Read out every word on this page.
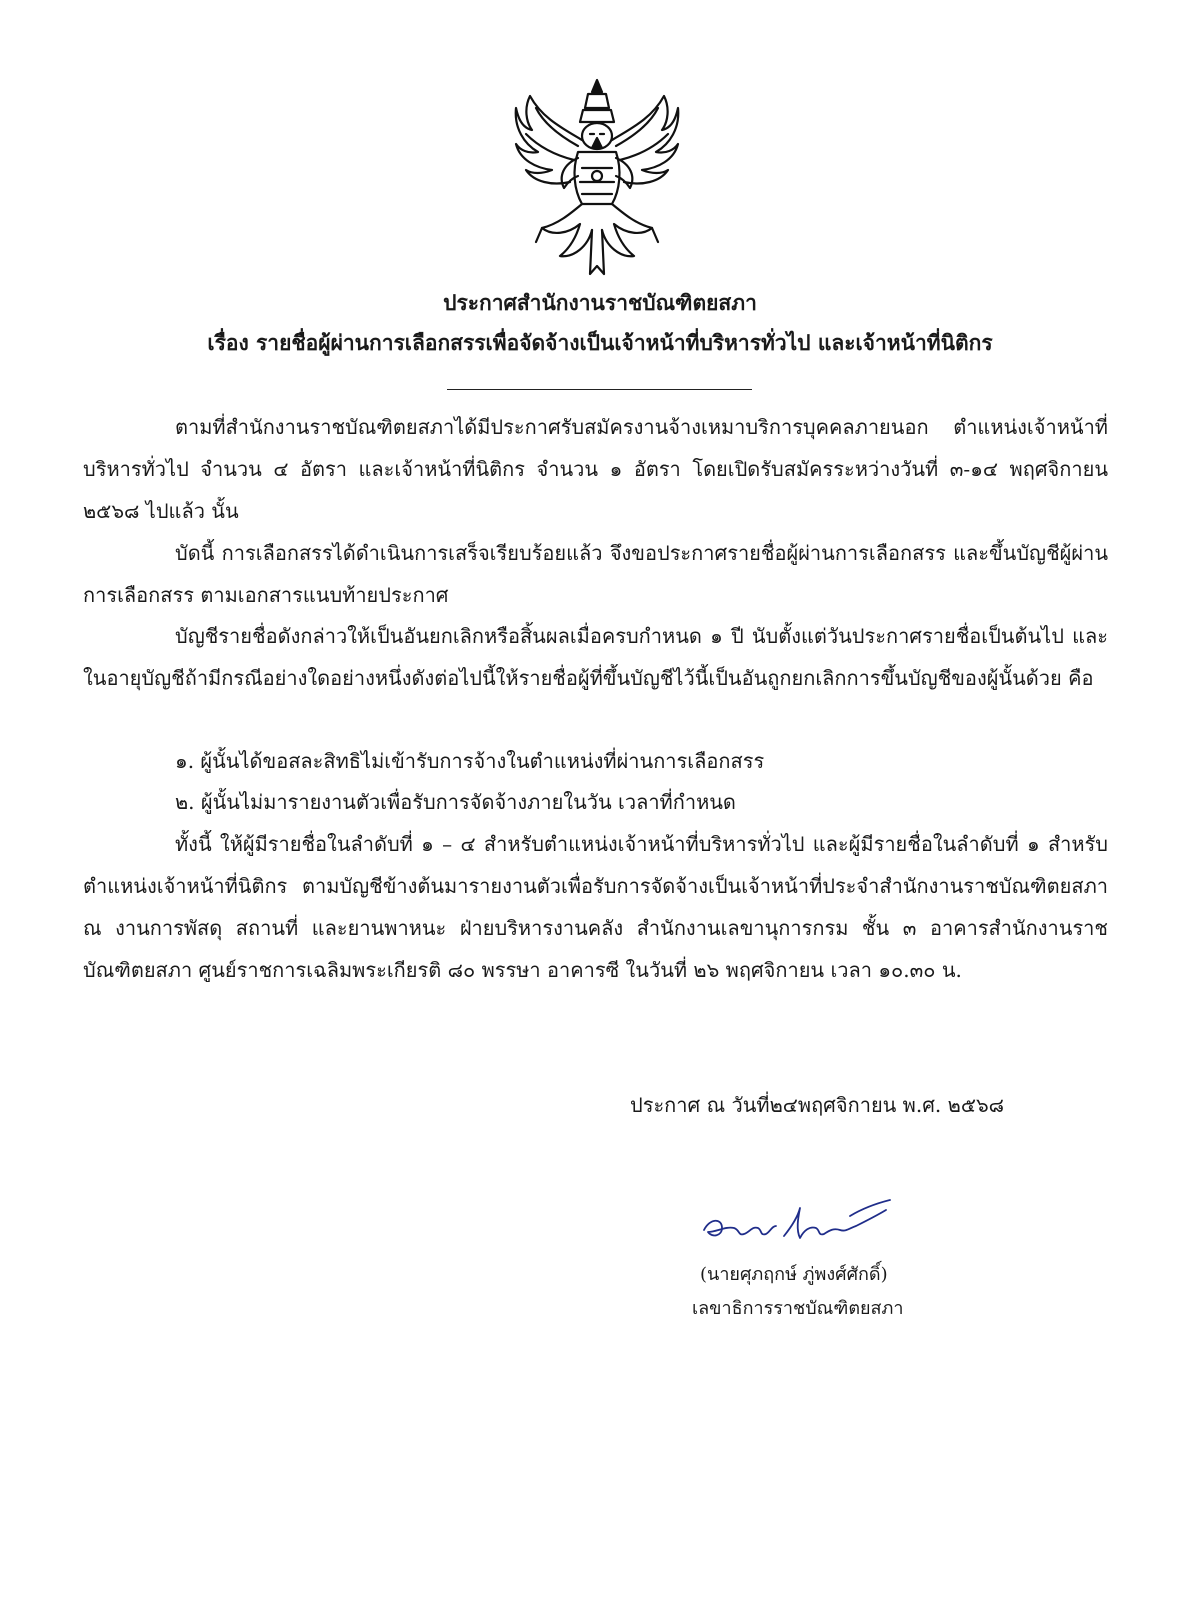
ประกาศสำนักงานราชบัณฑิตยสภา
เรื่อง รายชื่อผู้ผ่านการเลือกสรรเพื่อจัดจ้างเป็นเจ้าหน้าที่บริหารทั่วไป และเจ้าหน้าที่นิติกร

ตามที่สำนักงานราชบัณฑิตยสภาได้มีประกาศรับสมัครงานจ้างเหมาบริการบุคคลภายนอก ตำแหน่งเจ้าหน้าที่บริหารทั่วไป จำนวน ๔ อัตรา และเจ้าหน้าที่นิติกร จำนวน ๑ อัตรา โดยเปิดรับสมัครระหว่างวันที่ ๓-๑๔ พฤศจิกายน ๒๕๖๘ ไปแล้ว นั้น

บัดนี้ การเลือกสรรได้ดำเนินการเสร็จเรียบร้อยแล้ว จึงขอประกาศรายชื่อผู้ผ่านการเลือกสรร และขึ้นบัญชีผู้ผ่านการเลือกสรร ตามเอกสารแนบท้ายประกาศ

บัญชีรายชื่อดังกล่าวให้เป็นอันยกเลิกหรือสิ้นผลเมื่อครบกำหนด ๑ ปี นับตั้งแต่วันประกาศรายชื่อเป็นต้นไป และในอายุบัญชีถ้ามีกรณีอย่างใดอย่างหนึ่งดังต่อไปนี้ให้รายชื่อผู้ที่ขึ้นบัญชีไว้นี้เป็นอันถูกยกเลิกการขึ้นบัญชีของผู้นั้นด้วย คือ

๑. ผู้นั้นได้ขอสละสิทธิไม่เข้ารับการจ้างในตำแหน่งที่ผ่านการเลือกสรร
๒. ผู้นั้นไม่มารายงานตัวเพื่อรับการจัดจ้างภายในวัน เวลาที่กำหนด

ทั้งนี้ ให้ผู้มีรายชื่อในลำดับที่ ๑ – ๔ สำหรับตำแหน่งเจ้าหน้าที่บริหารทั่วไป และผู้มีรายชื่อในลำดับที่ ๑ สำหรับตำแหน่งเจ้าหน้าที่นิติกร ตามบัญชีข้างต้นมารายงานตัวเพื่อรับการจัดจ้างเป็นเจ้าหน้าที่ประจำสำนักงานราชบัณฑิตยสภา ณ งานการพัสดุ สถานที่ และยานพาหนะ ฝ่ายบริหารงานคลัง สำนักงานเลขานุการกรม ชั้น ๓ อาคารสำนักงานราชบัณฑิตยสภา ศูนย์ราชการเฉลิมพระเกียรติ ๘๐ พรรษา อาคารซี ในวันที่ ๒๖ พฤศจิกายน เวลา ๑๐.๓๐ น.

ประกาศ ณ วันที่๒๔พฤศจิกายน พ.ศ. ๒๕๖๘
(นายศุภฤกษ์ ภู่พงศ์ศักดิ์)
เลขาธิการราชบัณฑิตยสภา
